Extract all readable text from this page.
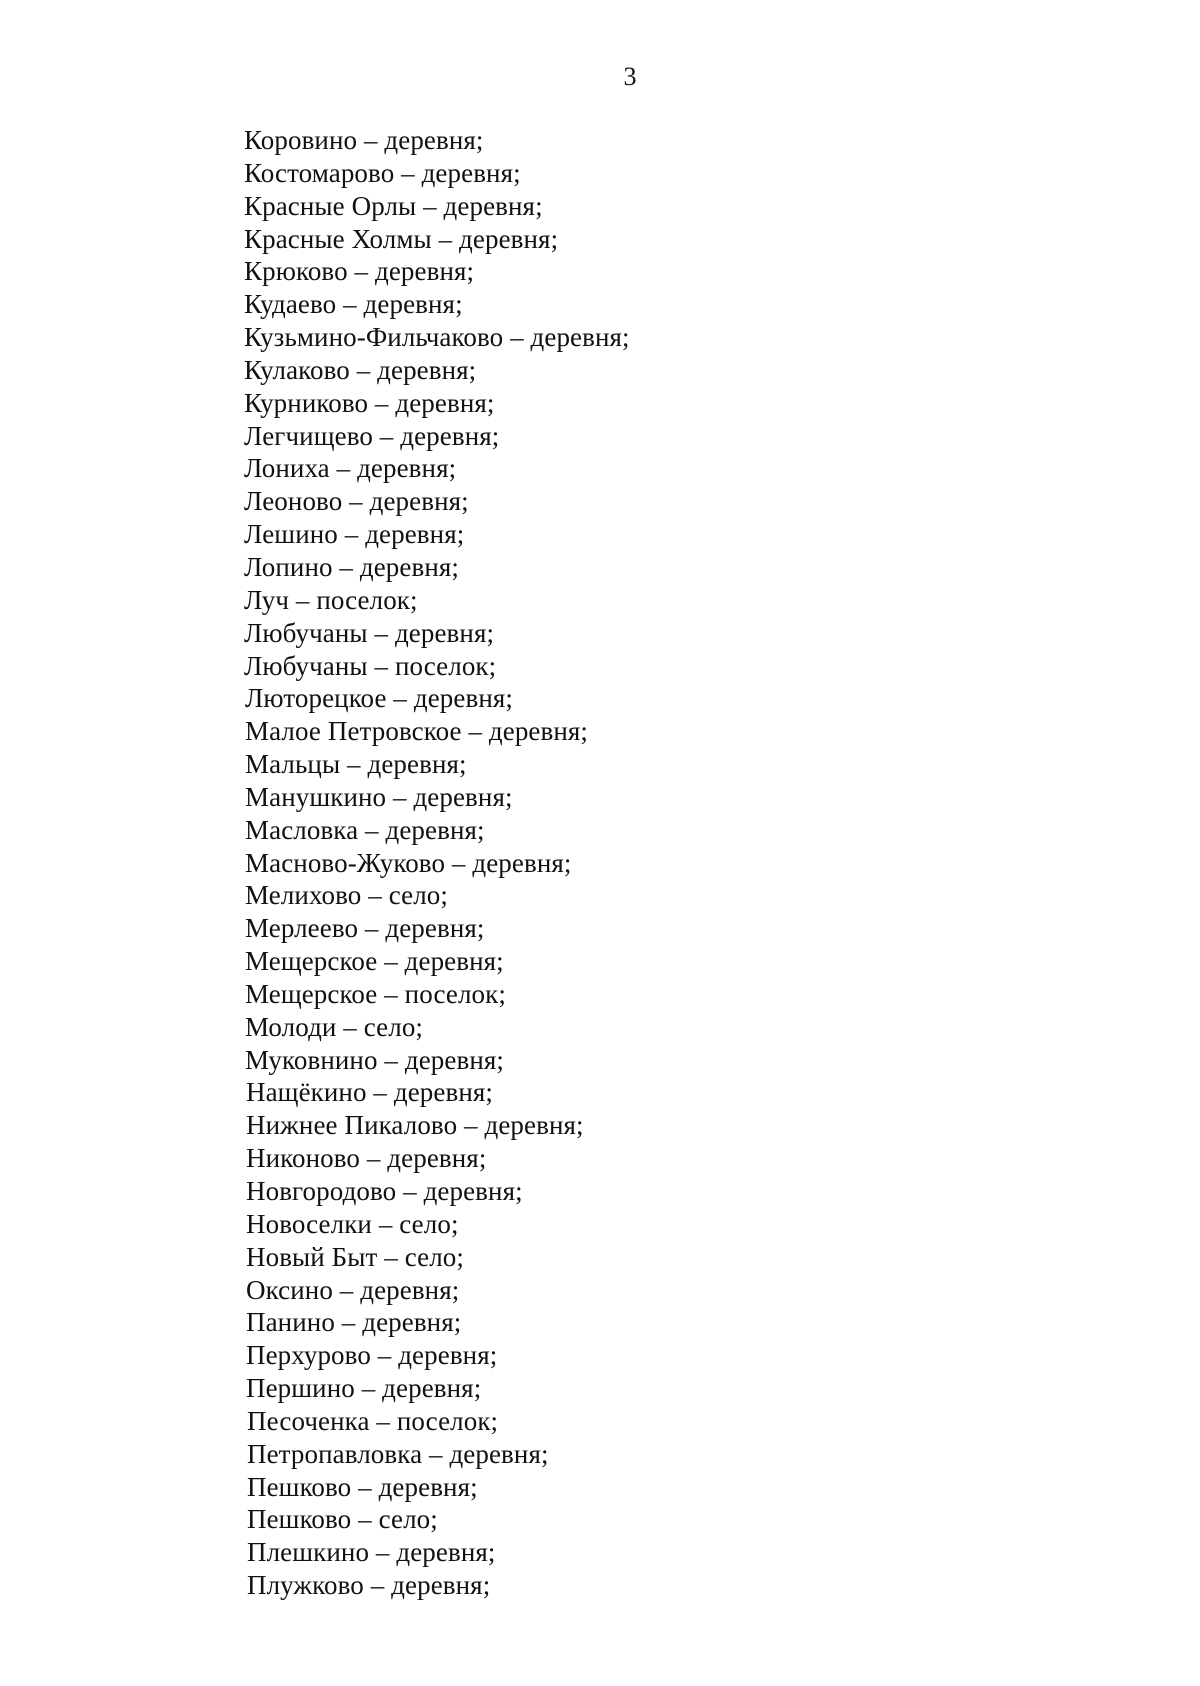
3
Коровино – деревня;
Костомарово – деревня;
Красные Орлы – деревня;
Красные Холмы – деревня;
Крюково – деревня;
Кудаево – деревня;
Кузьмино-Фильчаково – деревня;
Кулаково – деревня;
Курниково – деревня;
Легчищево – деревня;
Лониха – деревня;
Леоново – деревня;
Лешино – деревня;
Лопино – деревня;
Луч – поселок;
Любучаны – деревня;
Любучаны – поселок;
Люторецкое – деревня;
Малое Петровское – деревня;
Мальцы – деревня;
Манушкино – деревня;
Масловка – деревня;
Масново-Жуково – деревня;
Мелихово – село;
Мерлеево – деревня;
Мещерское – деревня;
Мещерское – поселок;
Молоди – село;
Муковнино – деревня;
Нащёкино – деревня;
Нижнее Пикалово – деревня;
Никоново – деревня;
Новгородово – деревня;
Новоселки – село;
Новый Быт – село;
Оксино – деревня;
Панино – деревня;
Перхурово – деревня;
Першино – деревня;
Песоченка – поселок;
Петропавловка – деревня;
Пешково – деревня;
Пешково – село;
Плешкино – деревня;
Плужково – деревня;
